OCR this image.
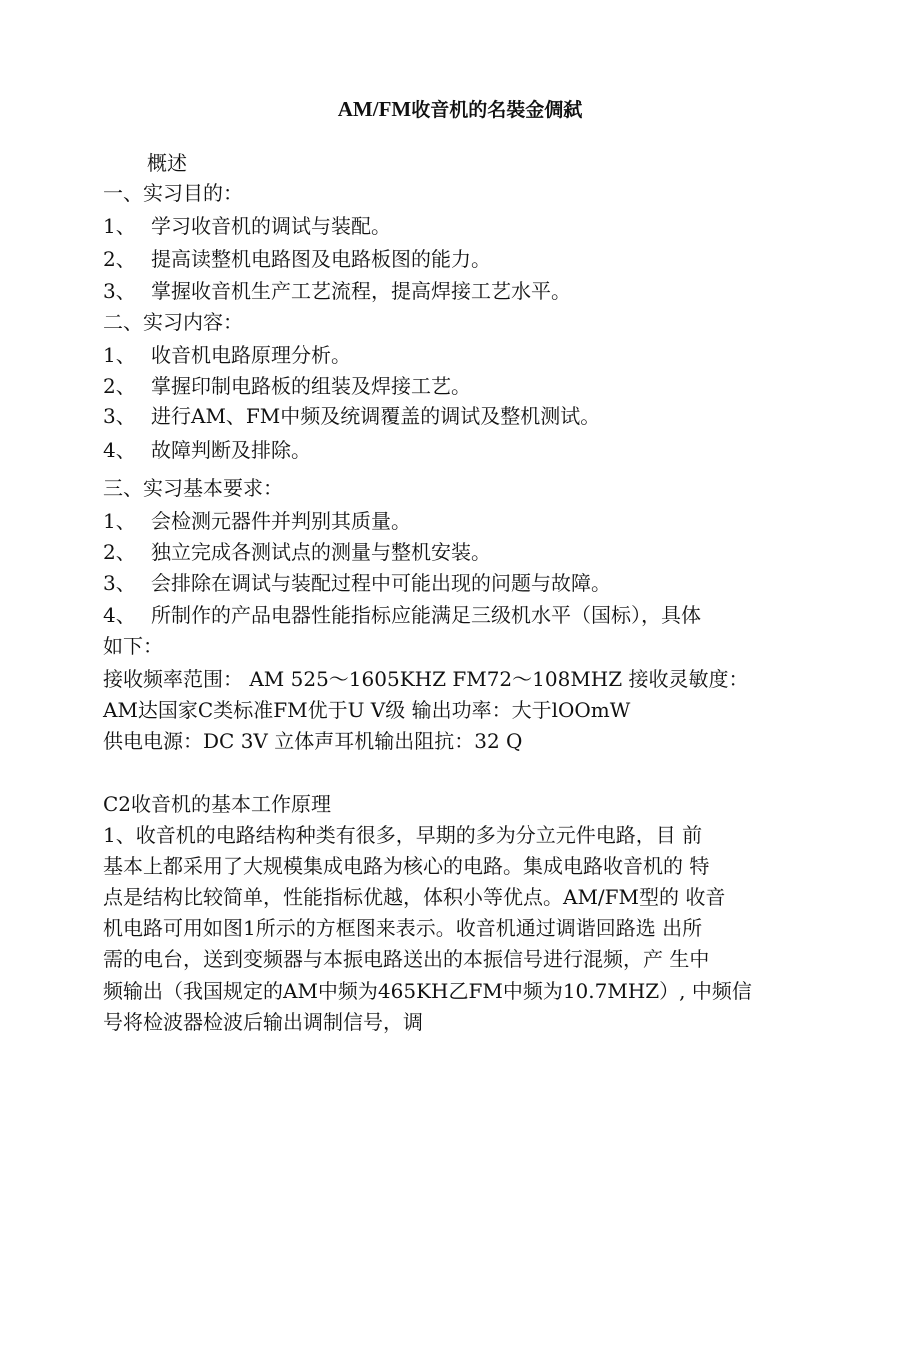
AM/FM收音机的名裝金倜弑
概述
一、实习目的：
1、 学习收音机的调试与装配。
2、 提高读整机电路图及电路板图的能力。
3、 掌握收音机生产工艺流程，提高焊接工艺水平。
二、实习内容：
1、 收音机电路原理分析。
2、 掌握印制电路板的组装及焊接工艺。
3、 进行AM、FM中频及统调覆盖的调试及整机测试。
4、 故障判断及排除。
三、实习基本要求：
1、 会检测元器件并判别其质量。
2、 独立完成各测试点的测量与整机安装。
3、 会排除在调试与装配过程中可能出现的问题与故障。
4、 所制作的产品电器性能指标应能满足三级机水平（国标），具体
如下：
接收频率范围： AM 525～1605KHZ FM72～108MHZ 接收灵敏度：
AM达国家C类标准FM优于U V级 输出功率：大于lOOmW
供电电源：DC 3V 立体声耳机输出阻抗：32 Q
C2收音机的基本工作原理
1、收音机的电路结构种类有很多，早期的多为分立元件电路，目 前
基本上都采用了大规模集成电路为核心的电路。集成电路收音机的 特
点是结构比较简单，性能指标优越，体积小等优点。AM/FM型的 收音
机电路可用如图1所示的方框图来表示。收音机通过调谐回路选 出所
需的电台，送到变频器与本振电路送出的本振信号进行混频，产 生中
频输出（我国规定的AM中频为465KH乙FM中频为10.7MHZ）, 中频信
号将检波器检波后输出调制信号，调
